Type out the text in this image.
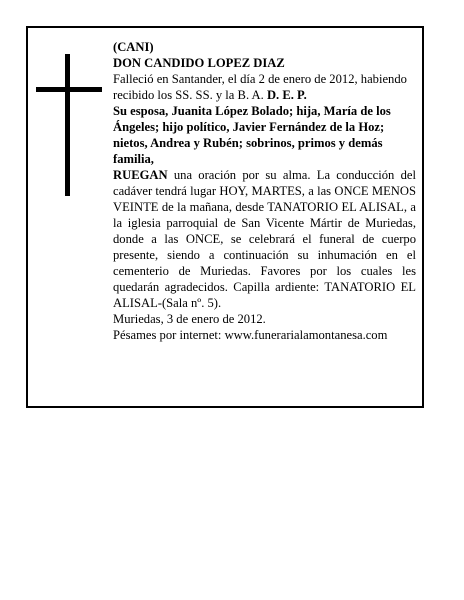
(CANI)

DON CANDIDO LOPEZ DIAZ

Falleció en Santander, el día 2 de enero de 2012, habiendo recibido los SS. SS. y la B. A. D. E. P.

Su esposa, Juanita López Bolado; hija, María de los Ángeles; hijo político, Javier Fernández de la Hoz; nietos, Andrea y Rubén; sobrinos, primos y demás familia,

RUEGAN una oración por su alma. La conducción del cadáver tendrá lugar HOY, MARTES, a las ONCE MENOS VEINTE de la mañana, desde TANATORIO EL ALISAL, a la iglesia parroquial de San Vicente Mártir de Muriedas, donde a las ONCE, se celebrará el funeral de cuerpo presente, siendo a continuación su inhumación en el cementerio de Muriedas. Favores por los cuales les quedarán agradecidos. Capilla ardiente: TANATORIO EL ALISAL-(Sala nº. 5).

Muriedas, 3 de enero de 2012.

Pésames por internet: www.funerarialamontanesa.com
